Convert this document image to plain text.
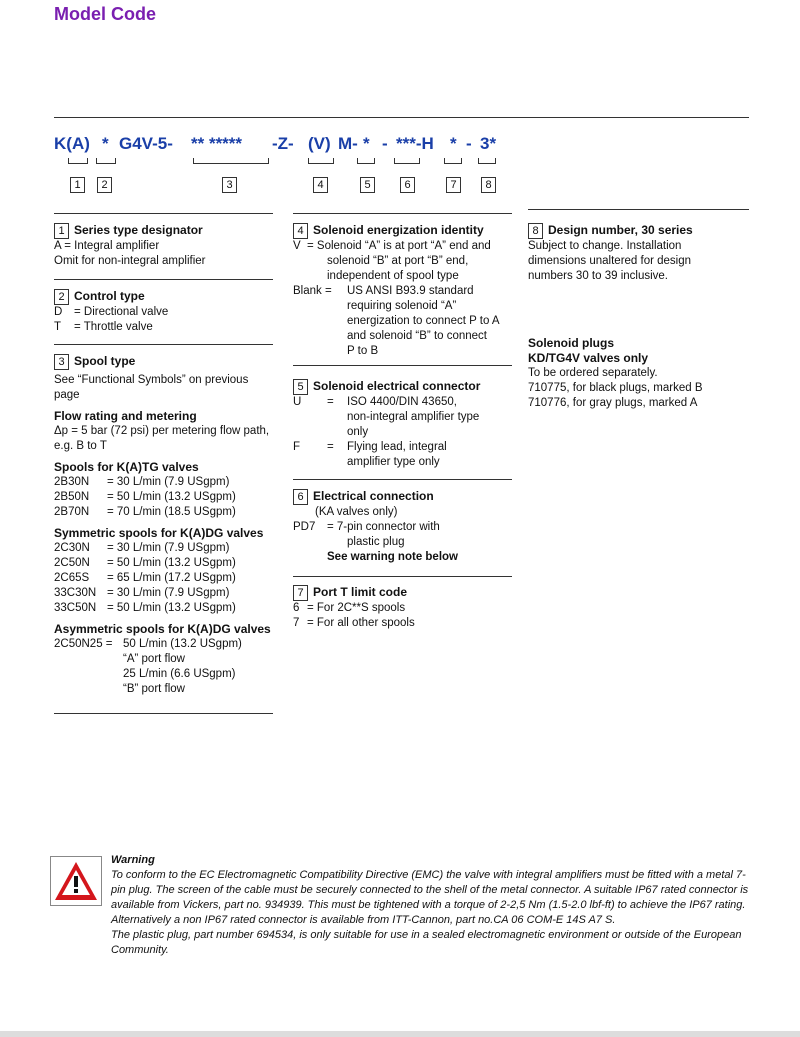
Model Code
K(A) * G4V-5- ** ***** -Z- (V) M- * - ***-H * - 3*
1	2	3	4	5	6	7	8
1 Series type designator
A = Integral amplifier
Omit for non-integral amplifier
2 Control type
D	= Directional valve
T	= Throttle valve
3 Spool type
See “Functional Symbols” on previous page
Flow rating and metering
Δp = 5 bar (72 psi) per metering flow path, e.g. B to T
Spools for K(A)TG valves
2B30N	= 30 L/min (7.9 USgpm)
2B50N	= 50 L/min (13.2 USgpm)
2B70N	= 70 L/min (18.5 USgpm)
Symmetric spools for K(A)DG valves
2C30N	= 30 L/min (7.9 USgpm)
2C50N	= 50 L/min (13.2 USgpm)
2C65S	= 65 L/min (17.2 USgpm)
33C30N = 30 L/min (7.9 USgpm)
33C50N = 50 L/min (13.2 USgpm)
Asymmetric spools for K(A)DG valves
2C50N25 = 50 L/min (13.2 USgpm)
“A” port flow
25 L/min (6.6 USgpm)
“B” port flow
4 Solenoid energization identity
V = Solenoid “A” is at port “A” end and
solenoid “B” at port “B” end,
independent of spool type
Blank =	US ANSI B93.9 standard
requiring solenoid “A”
energization to connect P to A
and solenoid “B” to connect
P to B
5 Solenoid electrical connector
U	=	ISO 4400/DIN 43650,
non-integral amplifier type
only
F	=	Flying lead, integral
amplifier type only
6 Electrical connection
(KA valves only)
PD7	= 7-pin connector with
plastic plug
See warning note below
7 Port T limit code
6 = For 2C**S spools
7 = For all other spools
8 Design number, 30 series
Subject to change. Installation
dimensions unaltered for design
numbers 30 to 39 inclusive.
Solenoid plugs
KD/TG4V valves only
To be ordered separately.
710775, for black plugs, marked B
710776, for gray plugs, marked A
Warning
To conform to the EC Electromagnetic Compatibility Directive (EMC) the valve with integral amplifiers must be fitted with a metal 7-pin plug. The screen of the cable must be securely connected to the shell of the metal connector. A suitable IP67 rated connector is available from Vickers, part no. 934939. This must be tightened with a torque of 2-2,5 Nm (1.5-2.0 lbf-ft) to achieve the IP67 rating. Alternatively a non IP67 rated connector is available from ITT-Cannon, part no.CA 06 COM-E 14S A7 S.
The plastic plug, part number 694534, is only suitable for use in a sealed electromagnetic environment or outside of the European Community.
